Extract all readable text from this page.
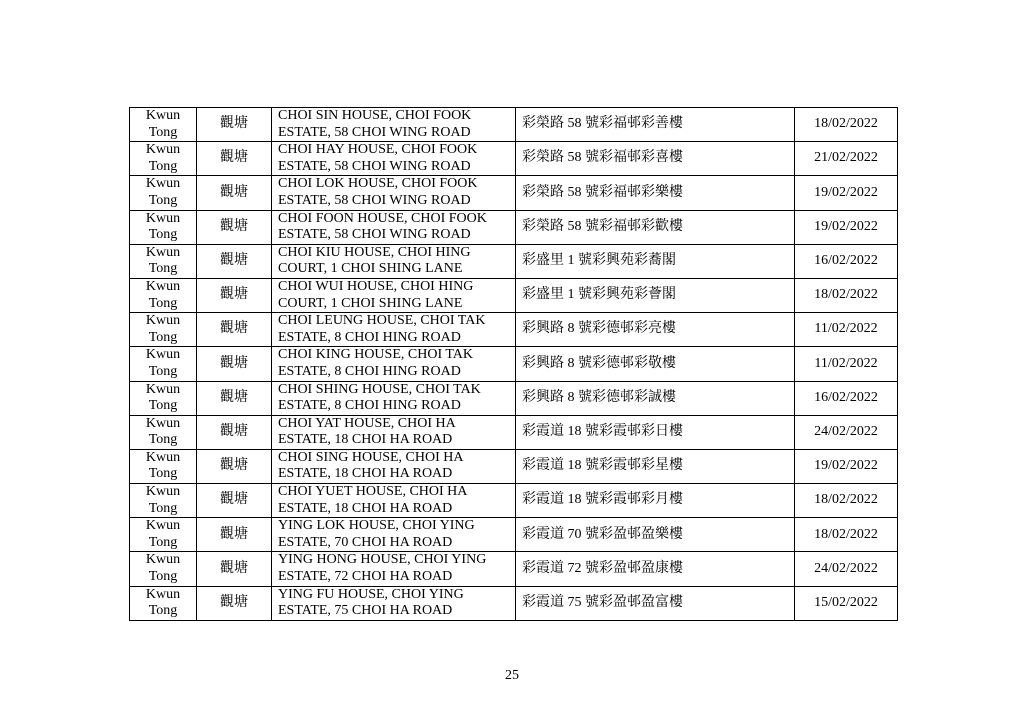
Kwun Tong	觀塘	CHOI SIN HOUSE, CHOI FOOK
ESTATE, 58 CHOI WING ROAD	彩榮路 58 號彩福邨彩善樓	18/02/2022
Kwun Tong	觀塘	CHOI HAY HOUSE, CHOI FOOK
ESTATE, 58 CHOI WING ROAD	彩榮路 58 號彩福邨彩喜樓	21/02/2022
Kwun Tong	觀塘	CHOI LOK HOUSE, CHOI FOOK
ESTATE, 58 CHOI WING ROAD	彩榮路 58 號彩福邨彩樂樓	19/02/2022
Kwun Tong	觀塘	CHOI FOON HOUSE, CHOI FOOK
ESTATE, 58 CHOI WING ROAD	彩榮路 58 號彩福邨彩歡樓	19/02/2022
Kwun Tong	觀塘	CHOI KIU HOUSE, CHOI HING
COURT, 1 CHOI SHING LANE	彩盛里 1 號彩興苑彩蕎閣	16/02/2022
Kwun Tong	觀塘	CHOI WUI HOUSE, CHOI HING
COURT, 1 CHOI SHING LANE	彩盛里 1 號彩興苑彩薈閣	18/02/2022
Kwun Tong	觀塘	CHOI LEUNG HOUSE, CHOI TAK
ESTATE, 8 CHOI HING ROAD	彩興路 8 號彩德邨彩亮樓	11/02/2022
Kwun Tong	觀塘	CHOI KING HOUSE, CHOI TAK
ESTATE, 8 CHOI HING ROAD	彩興路 8 號彩德邨彩敬樓	11/02/2022
Kwun Tong	觀塘	CHOI SHING HOUSE, CHOI TAK
ESTATE, 8 CHOI HING ROAD	彩興路 8 號彩德邨彩誠樓	16/02/2022
Kwun Tong	觀塘	CHOI YAT HOUSE, CHOI HA
ESTATE, 18 CHOI HA ROAD	彩霞道 18 號彩霞邨彩日樓	24/02/2022
Kwun Tong	觀塘	CHOI SING HOUSE, CHOI HA
ESTATE, 18 CHOI HA ROAD	彩霞道 18 號彩霞邨彩星樓	19/02/2022
Kwun Tong	觀塘	CHOI YUET HOUSE, CHOI HA
ESTATE, 18 CHOI HA ROAD	彩霞道 18 號彩霞邨彩月樓	18/02/2022
Kwun Tong	觀塘	YING LOK HOUSE, CHOI YING
ESTATE, 70 CHOI HA ROAD	彩霞道 70 號彩盈邨盈樂樓	18/02/2022
Kwun Tong	觀塘	YING HONG HOUSE, CHOI YING
ESTATE, 72 CHOI HA ROAD	彩霞道 72 號彩盈邨盈康樓	24/02/2022
Kwun Tong	觀塘	YING FU HOUSE, CHOI YING
ESTATE, 75 CHOI HA ROAD	彩霞道 75 號彩盈邨盈富樓	15/02/2022
25
